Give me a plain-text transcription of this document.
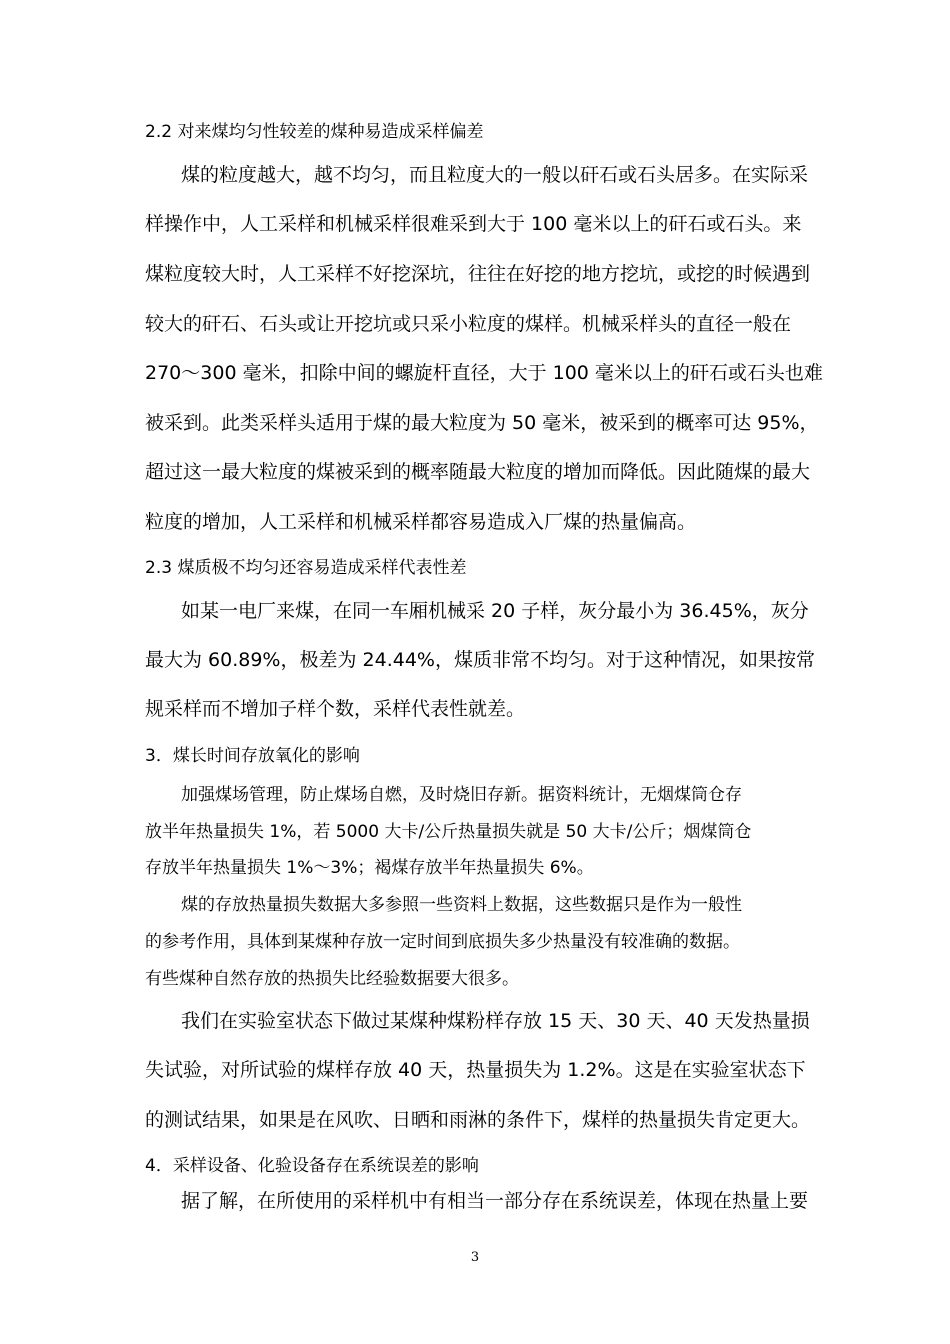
2.2 对来煤均匀性较差的煤种易造成采样偏差
煤的粒度越大，越不均匀，而且粒度大的一般以矸石或石头居多。在实际采
样操作中，人工采样和机械采样很难采到大于 100 毫米以上的矸石或石头。来
煤粒度较大时，人工采样不好挖深坑，往往在好挖的地方挖坑，或挖的时候遇到
较大的矸石、石头或让开挖坑或只采小粒度的煤样。机械采样头的直径一般在
270～300 毫米，扣除中间的螺旋杆直径，大于 100 毫米以上的矸石或石头也难
被采到。此类采样头适用于煤的最大粒度为 50 毫米，被采到的概率可达 95%，
超过这一最大粒度的煤被采到的概率随最大粒度的增加而降低。因此随煤的最大
粒度的增加，人工采样和机械采样都容易造成入厂煤的热量偏高。
2.3 煤质极不均匀还容易造成采样代表性差
如某一电厂来煤，在同一车厢机械采 20 子样，灰分最小为 36.45%，灰分
最大为 60.89%，极差为 24.44%，煤质非常不均匀。对于这种情况，如果按常
规采样而不增加子样个数，采样代表性就差。
3．煤长时间存放氧化的影响
加强煤场管理，防止煤场自燃，及时烧旧存新。据资料统计，无烟煤筒仓存
放半年热量损失 1%，若 5000 大卡/公斤热量损失就是 50 大卡/公斤；烟煤筒仓
存放半年热量损失 1%～3%；褐煤存放半年热量损失 6%。
煤的存放热量损失数据大多参照一些资料上数据，这些数据只是作为一般性
的参考作用，具体到某煤种存放一定时间到底损失多少热量没有较准确的数据。
有些煤种自然存放的热损失比经验数据要大很多。
我们在实验室状态下做过某煤种煤粉样存放 15 天、30 天、40 天发热量损
失试验，对所试验的煤样存放 40 天，热量损失为 1.2%。这是在实验室状态下
的测试结果，如果是在风吹、日晒和雨淋的条件下，煤样的热量损失肯定更大。
4．采样设备、化验设备存在系统误差的影响
据了解，在所使用的采样机中有相当一部分存在系统误差，体现在热量上要
3
